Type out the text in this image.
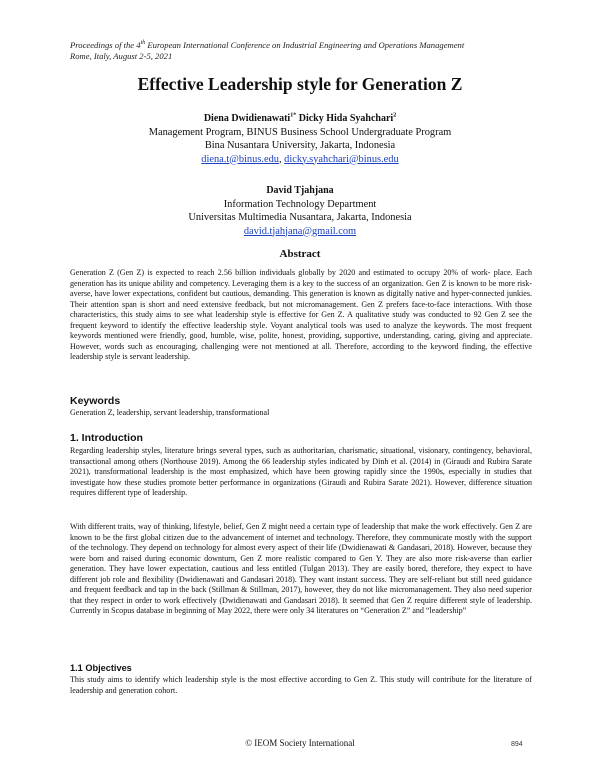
Proceedings of the 4th European International Conference on Industrial Engineering and Operations Management
Rome, Italy, August 2-5, 2021
Effective Leadership style for Generation Z
Diena Dwidienawati$^{1*}$ Dicky Hida Syahchari$^2$
Management Program, BINUS Business School Undergraduate Program
Bina Nusantara University, Jakarta, Indonesia
diena.t@binus.edu, dicky.syahchari@binus.edu
David Tjahjana
Information Technology Department
Universitas Multimedia Nusantara, Jakarta, Indonesia
david.tjahjana@gmail.com
Abstract
Generation Z (Gen Z) is expected to reach 2.56 billion individuals globally by 2020 and estimated to occupy 20% of work- place. Each generation has its unique ability and competency. Leveraging them is a key to the success of an organization. Gen Z is known to be more risk-averse, have lower expectations, confident but cautious, demanding. This generation is known as digitally native and hyper-connected junkies. Their attention span is short and need extensive feedback, but not micromanagement. Gen Z prefers face-to-face interactions. With those characteristics, this study aims to see what leadership style is effective for Gen Z. A qualitative study was conducted to 92 Gen Z see the frequent keyword to identify the effective leadership style. Voyant analytical tools was used to analyze the keywords. The most frequent keywords mentioned were friendly, good, humble, wise, polite, honest, providing, supportive, understanding, caring, giving and appreciate. However, words such as encouraging, challenging were not mentioned at all. Therefore, according to the keyword finding, the effective leadership style is servant leadership.
Keywords
Generation Z, leadership, servant leadership, transformational
1. Introduction
Regarding leadership styles, literature brings several types, such as authoritarian, charismatic, situational, visionary, contingency, behavioral, transactional among others (Northouse 2019). Among the 66 leadership styles indicated by Dinh et al. (2014) in (Giraudi and Rubira Sarate 2021), transformational leadership is the most emphasized, which have been growing rapidly since the 1990s, especially in studies that investigate how these studies promote better performance in organizations (Giraudi and Rubira Sarate 2021). However, difference situation requires different type of leadership.
With different traits, way of thinking, lifestyle, belief, Gen Z might need a certain type of leadership that make the work effectively. Gen Z are known to be the first global citizen due to the advancement of internet and technology. Therefore, they communicate mostly with the support of the technology. They depend on technology for almost every aspect of their life (Dwidienawati & Gandasari, 2018). However, because they were born and raised during economic downturn, Gen Z more realistic compared to Gen Y. They are also more risk-averse than earlier generation. They have lower expectation, cautious and less entitled (Tulgan 2013). They are easily bored, therefore, they expect to have different job role and flexibility (Dwidienawati and Gandasari 2018). They want instant success. They are self-reliant but still need guidance and frequent feedback and tap in the back (Stillman & Stillman, 2017), however, they do not like micromanagement. They also need superior that they respect in order to work effectively (Dwidienawati and Gandasari 2018). It seemed that Gen Z require different style of leadership. Currently in Scopus database in beginning of May 2022, there were only 34 literatures on “Generation Z” and “leadership”
1.1 Objectives
This study aims to identify which leadership style is the most effective according to Gen Z. This study will contribute for the literature of leadership and generation cohort.
© IEOM Society International	894
